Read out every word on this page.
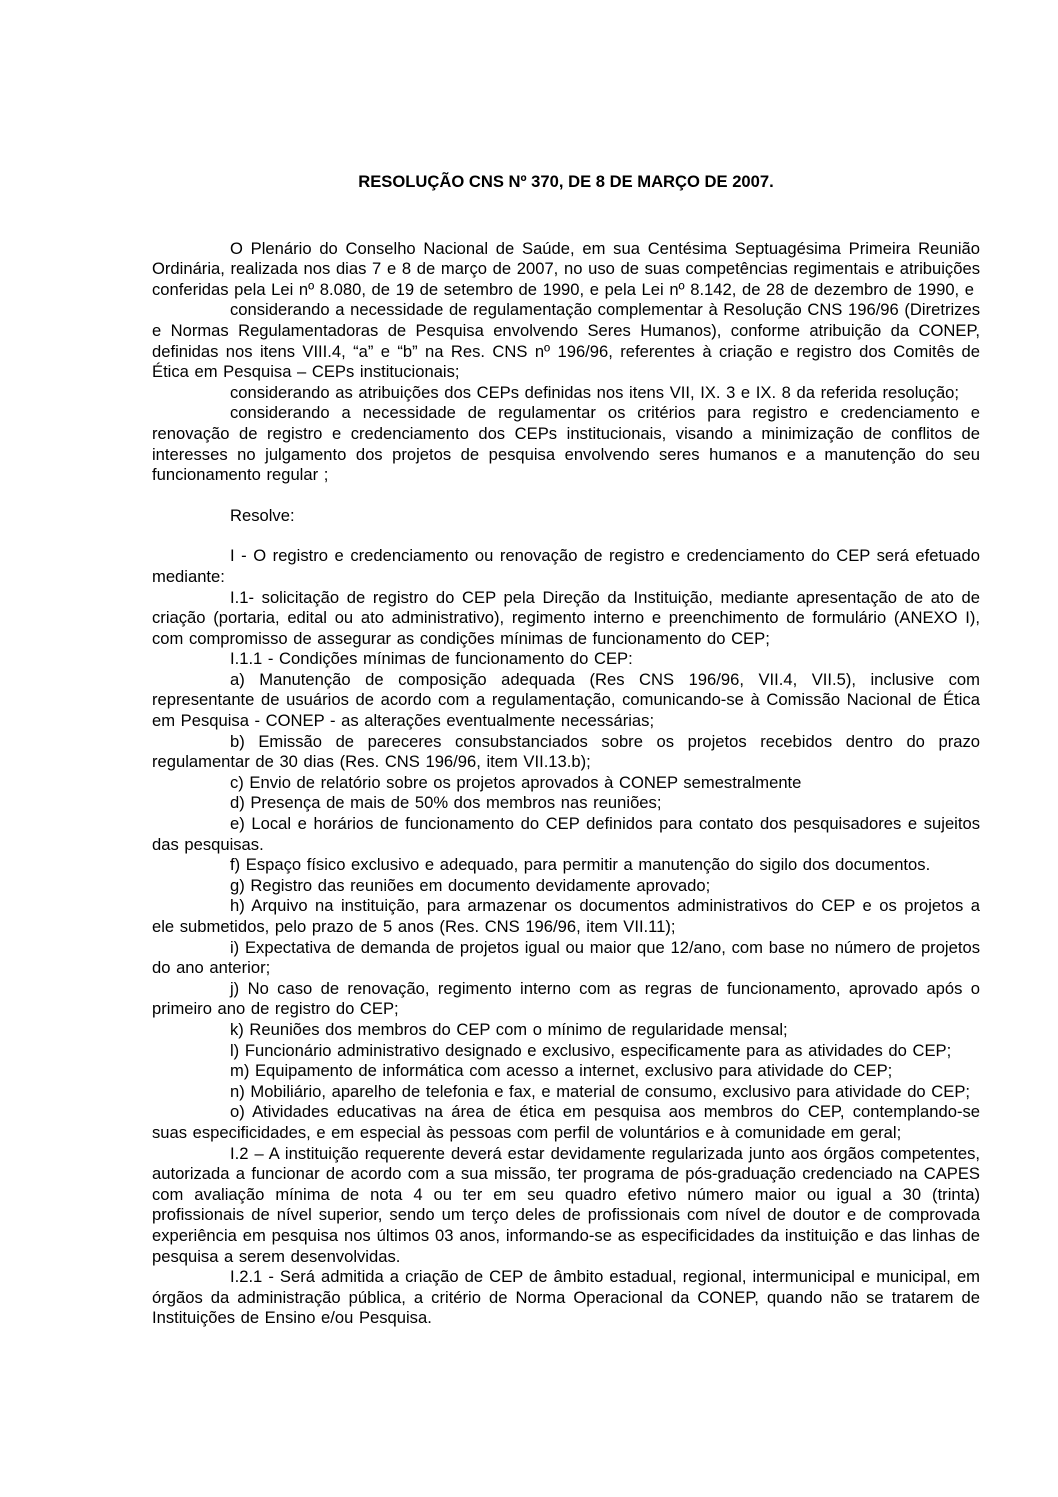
RESOLUÇÃO CNS Nº 370, DE 8 DE MARÇO DE 2007.

O Plenário do Conselho Nacional de Saúde, em sua Centésima Septuagésima Primeira Reunião Ordinária, realizada nos dias 7 e 8 de março de 2007, no uso de suas competências regimentais e atribuições conferidas pela Lei nº 8.080, de 19 de setembro de 1990, e pela Lei nº 8.142, de 28 de dezembro de 1990, e

considerando a necessidade de regulamentação complementar à Resolução CNS 196/96 (Diretrizes e Normas Regulamentadoras de Pesquisa envolvendo Seres Humanos), conforme atribuição da CONEP, definidas nos itens VIII.4, “a” e “b” na Res. CNS nº 196/96, referentes à criação e registro dos Comitês de Ética em Pesquisa – CEPs institucionais;

considerando as atribuições dos CEPs definidas nos itens VII, IX. 3 e IX. 8 da referida resolução;

considerando a necessidade de regulamentar os critérios para registro e credenciamento e renovação de registro e credenciamento dos CEPs institucionais, visando a minimização de conflitos de interesses no julgamento dos projetos de pesquisa envolvendo seres humanos e a manutenção do seu funcionamento regular ;

Resolve:

I - O registro e credenciamento ou renovação de registro e credenciamento do CEP será efetuado mediante:

I.1- solicitação de registro do CEP pela Direção da Instituição, mediante apresentação de ato de criação (portaria, edital ou ato administrativo), regimento interno e preenchimento de formulário (ANEXO I), com compromisso de assegurar as condições mínimas de funcionamento do CEP;

I.1.1 - Condições mínimas de funcionamento do CEP:

a) Manutenção de composição adequada (Res CNS 196/96, VII.4, VII.5), inclusive com representante de usuários de acordo com a regulamentação, comunicando-se à Comissão Nacional de Ética em Pesquisa - CONEP - as alterações eventualmente necessárias;

b) Emissão de pareceres consubstanciados sobre os projetos recebidos dentro do prazo regulamentar de 30 dias (Res. CNS 196/96, item VII.13.b);

c) Envio de relatório sobre os projetos aprovados à CONEP semestralmente

d) Presença de mais de 50% dos membros nas reuniões;

e) Local e horários de funcionamento do CEP definidos para contato dos pesquisadores e sujeitos das pesquisas.

f) Espaço físico exclusivo e adequado, para permitir a manutenção do sigilo dos documentos.

g) Registro das reuniões em documento devidamente aprovado;

h) Arquivo na instituição, para armazenar os documentos administrativos do CEP e os projetos a ele submetidos, pelo prazo de 5 anos (Res. CNS 196/96, item VII.11);

i) Expectativa de demanda de projetos igual ou maior que 12/ano, com base no número de projetos do ano anterior;

j) No caso de renovação, regimento interno com as regras de funcionamento, aprovado após o primeiro ano de registro do CEP;

k) Reuniões dos membros do CEP com o mínimo de regularidade mensal;

l) Funcionário administrativo designado e exclusivo, especificamente para as atividades do CEP;

m) Equipamento de informática com acesso a internet, exclusivo para atividade do CEP;

n) Mobiliário, aparelho de telefonia e fax, e material de consumo, exclusivo para atividade do CEP;

o) Atividades educativas na área de ética em pesquisa aos membros do CEP, contemplando-se suas especificidades, e em especial às pessoas com perfil de voluntários e à comunidade em geral;

I.2 – A instituição requerente deverá estar devidamente regularizada junto aos órgãos competentes, autorizada a funcionar de acordo com a sua missão, ter programa de pós-graduação credenciado na CAPES com avaliação mínima de nota 4 ou ter em seu quadro efetivo número maior ou igual a 30 (trinta) profissionais de nível superior, sendo um terço deles de profissionais com nível de doutor e de comprovada experiência em pesquisa nos últimos 03 anos, informando-se as especificidades da instituição e das linhas de pesquisa a serem desenvolvidas.

I.2.1 - Será admitida a criação de CEP de âmbito estadual, regional, intermunicipal e municipal, em órgãos da administração pública, a critério de Norma Operacional da CONEP, quando não se tratarem de Instituições de Ensino e/ou Pesquisa.
